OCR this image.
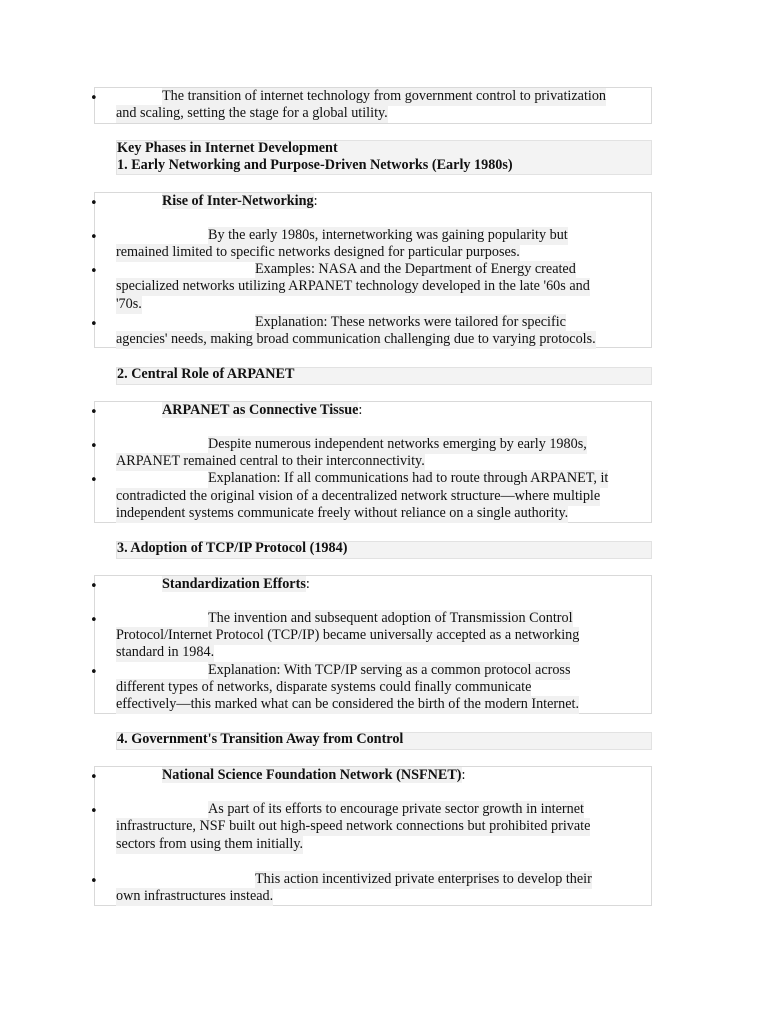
•	The transition of internet technology from government control to privatization
and scaling, setting the stage for a global utility.
Key Phases in Internet Development
1. Early Networking and Purpose-Driven Networks (Early 1980s)
•	Rise of Inter-Networking:
•	By the early 1980s, internetworking was gaining popularity but
remained limited to specific networks designed for particular purposes.
•	Examples: NASA and the Department of Energy created
specialized networks utilizing ARPANET technology developed in the late '60s and
'70s.
•	Explanation: These networks were tailored for specific
agencies' needs, making broad communication challenging due to varying protocols.
2. Central Role of ARPANET
•	ARPANET as Connective Tissue:
•	Despite numerous independent networks emerging by early 1980s,
ARPANET remained central to their interconnectivity.
•	Explanation: If all communications had to route through ARPANET, it
contradicted the original vision of a decentralized network structure—where multiple
independent systems communicate freely without reliance on a single authority.
3. Adoption of TCP/IP Protocol (1984)
•	Standardization Efforts:
•	The invention and subsequent adoption of Transmission Control
Protocol/Internet Protocol (TCP/IP) became universally accepted as a networking
standard in 1984.
•	Explanation: With TCP/IP serving as a common protocol across
different types of networks, disparate systems could finally communicate
effectively—this marked what can be considered the birth of the modern Internet.
4. Government's Transition Away from Control
•	National Science Foundation Network (NSFNET):
•	As part of its efforts to encourage private sector growth in internet
infrastructure, NSF built out high-speed network connections but prohibited private
sectors from using them initially.
•	This action incentivized private enterprises to develop their
own infrastructures instead.
